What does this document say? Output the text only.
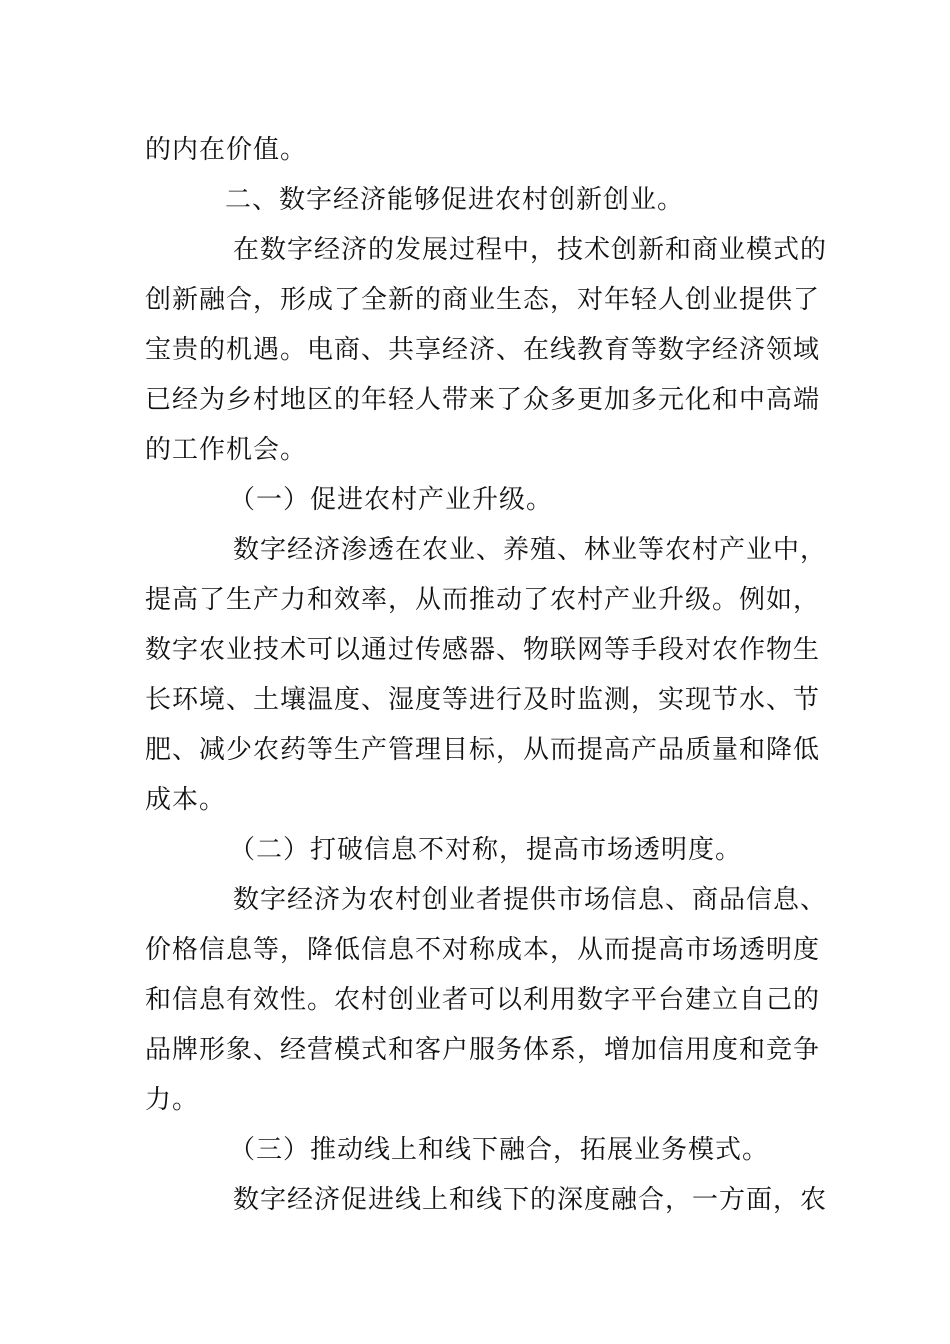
的内在价值。
二、数字经济能够促进农村创新创业。
在数字经济的发展过程中，技术创新和商业模式的
创新融合，形成了全新的商业生态，对年轻人创业提供了
宝贵的机遇。电商、共享经济、在线教育等数字经济领域
已经为乡村地区的年轻人带来了众多更加多元化和中高端
的工作机会。
（一）促进农村产业升级。
数字经济渗透在农业、养殖、林业等农村产业中，
提高了生产力和效率，从而推动了农村产业升级。例如，
数字农业技术可以通过传感器、物联网等手段对农作物生
长环境、土壤温度、湿度等进行及时监测，实现节水、节
肥、减少农药等生产管理目标，从而提高产品质量和降低
成本。
（二）打破信息不对称，提高市场透明度。
数字经济为农村创业者提供市场信息、商品信息、
价格信息等，降低信息不对称成本，从而提高市场透明度
和信息有效性。农村创业者可以利用数字平台建立自己的
品牌形象、经营模式和客户服务体系，增加信用度和竞争
力。
（三）推动线上和线下融合，拓展业务模式。
数字经济促进线上和线下的深度融合，一方面，农
